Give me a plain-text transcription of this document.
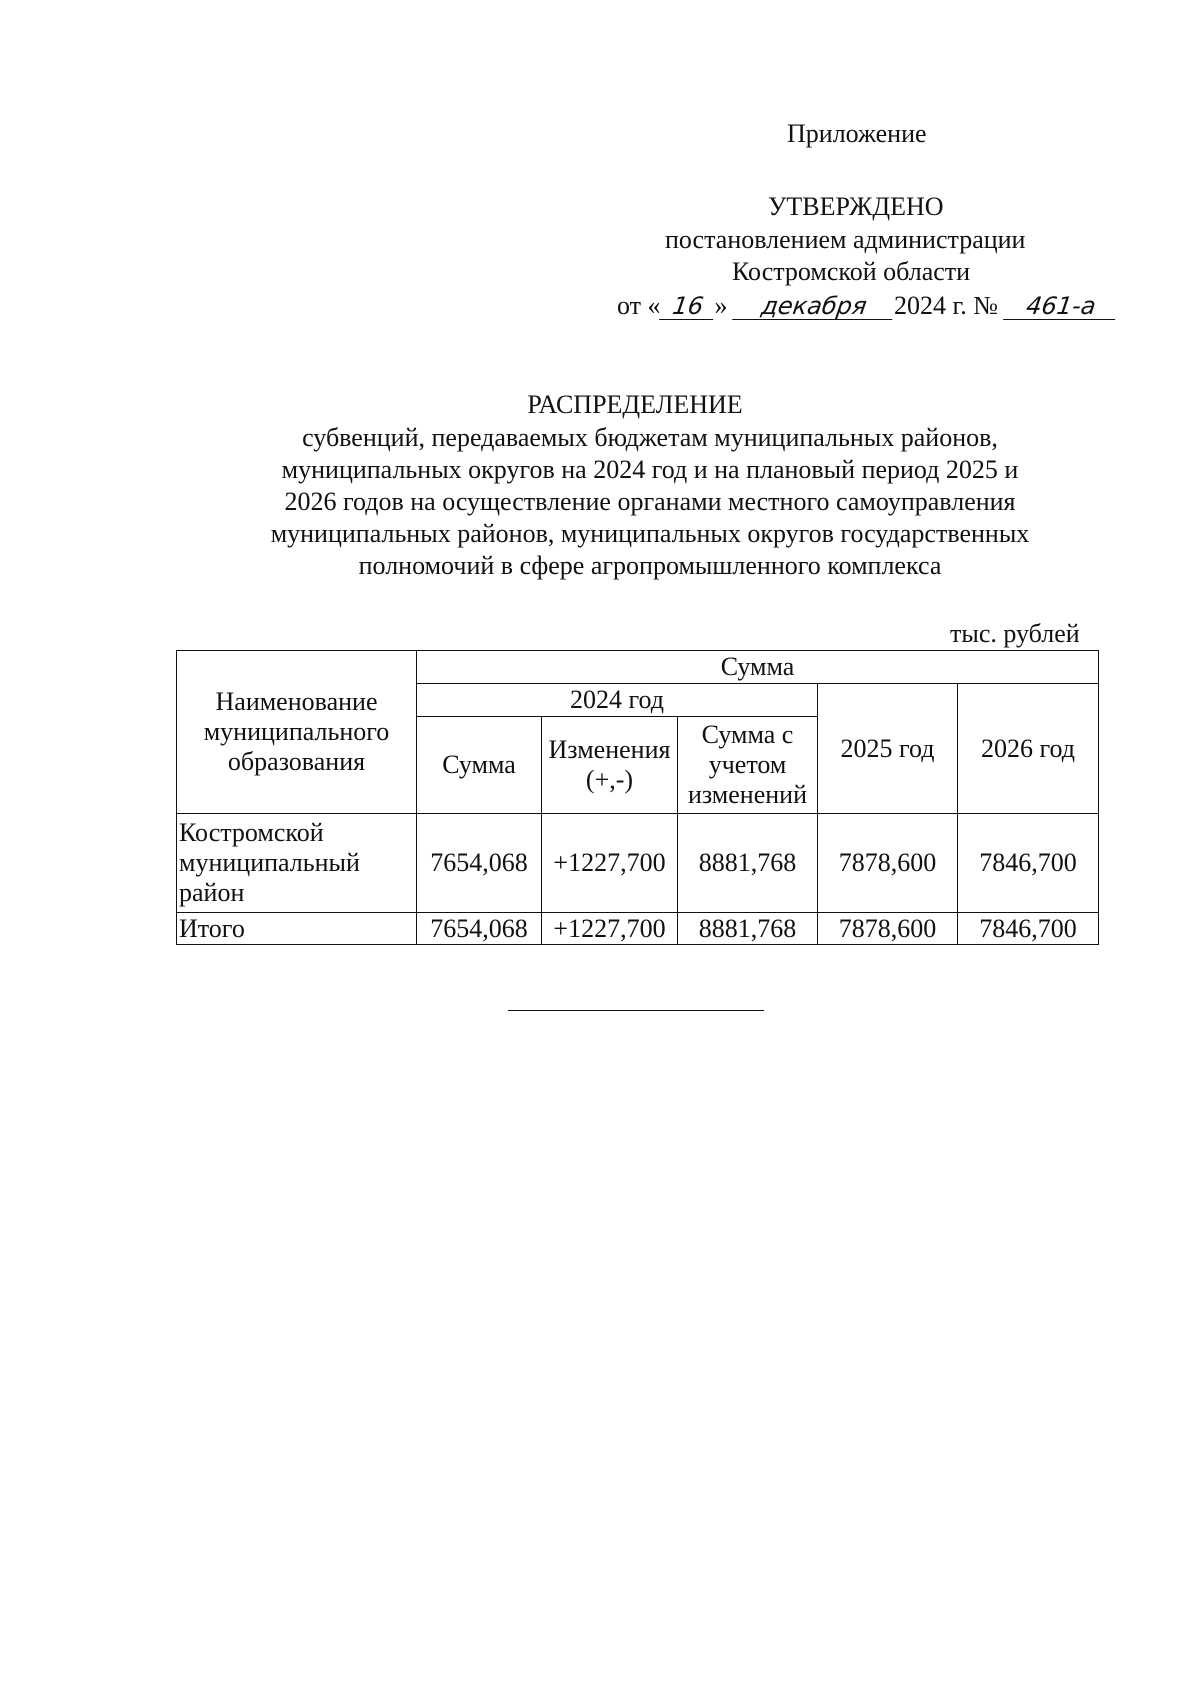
Приложение
УТВЕРЖДЕНО
постановлением администрации
Костромской области
от « 16 » декабря 2024 г. № 461-а
РАСПРЕДЕЛЕНИЕ
субвенций, передаваемых бюджетам муниципальных районов,
муниципальных округов на 2024 год и на плановый период 2025 и
2026 годов на осуществление органами местного самоуправления
муниципальных районов, муниципальных округов государственных
полномочий в сфере агропромышленного комплекса
тыс. рублей
Наименование муниципального образования	Сумма				
	2024 год			2025 год	2026 год
	Сумма	Изменения (+,-)	Сумма с учетом изменений		
Костромской муниципальный район	7654,068	+1227,700	8881,768	7878,600	7846,700
Итого	7654,068	+1227,700	8881,768	7878,600	7846,700
